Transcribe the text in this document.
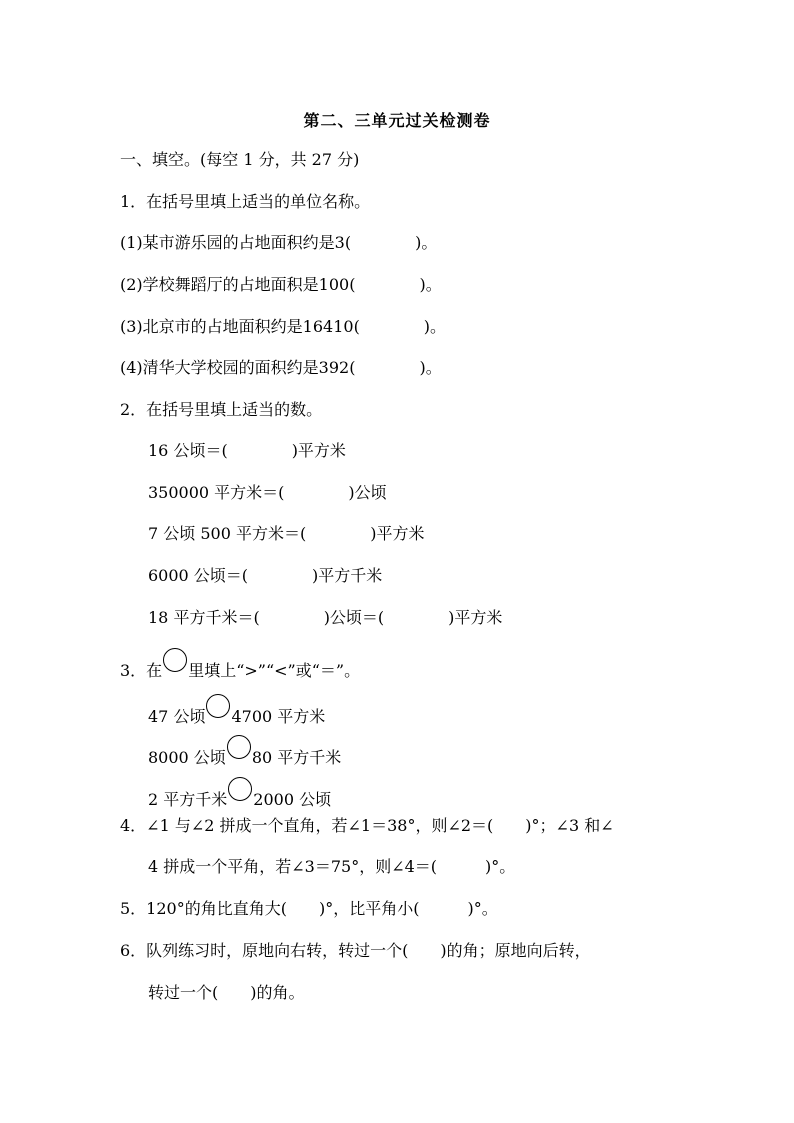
第二、三单元过关检测卷
一、填空。(每空 1 分，共 27 分)
1．在括号里填上适当的单位名称。
(1)某市游乐园的占地面积约是3(　　　　)。
(2)学校舞蹈厅的占地面积是100(　　　　)。
(3)北京市的占地面积约是16410(　　　　)。
(4)清华大学校园的面积约是392(　　　　)。
2．在括号里填上适当的数。
16 公顷＝(　　　　)平方米
350000 平方米＝(　　　　)公顷
7 公顷 500 平方米＝(　　　　)平方米
6000 公顷＝(　　　　)平方千米
18 平方千米＝(　　　　)公顷＝(　　　　)平方米
3．在 里填上“>”“<”或“＝”。
47 公顷 4700 平方米
8000 公顷 80 平方千米
2 平方千米 2000 公顷
4．∠1 与∠2 拼成一个直角，若∠1＝38°，则∠2＝(　　)°；∠3 和∠
4 拼成一个平角，若∠3＝75°，则∠4＝(　　　)°。
5．120°的角比直角大(　　)°，比平角小(　　　)°。
6．队列练习时，原地向右转，转过一个(　　)的角；原地向后转，
转过一个(　　)的角。
